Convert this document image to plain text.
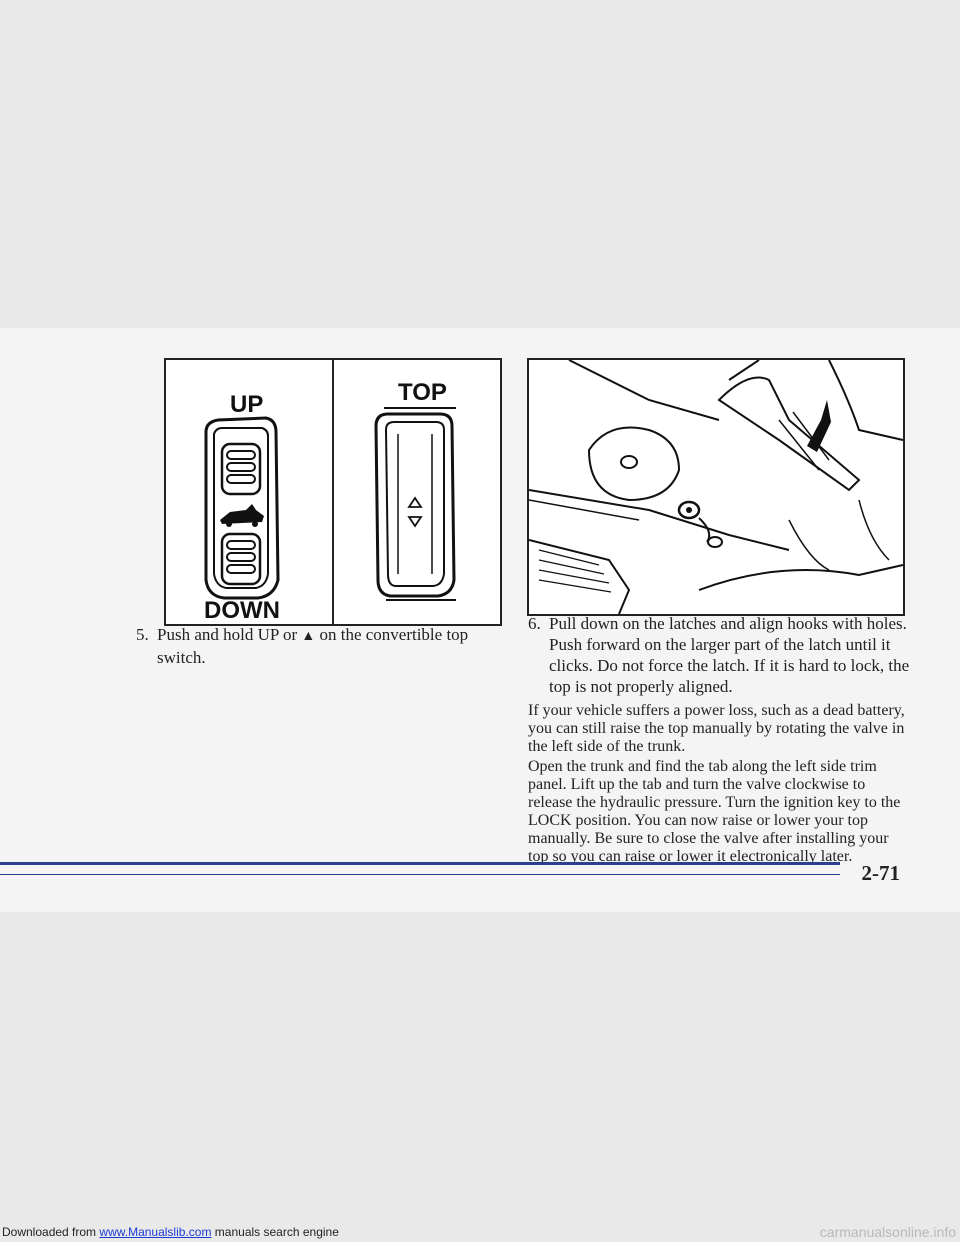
UP
DOWN
TOP
5. Push and hold UP or ▲ on the convertible top switch.
6. Pull down on the latches and align hooks with holes. Push forward on the larger part of the latch until it clicks. Do not force the latch. If it is hard to lock, the top is not properly aligned.

If your vehicle suffers a power loss, such as a dead battery, you can still raise the top manually by rotating the valve in the left side of the trunk.

Open the trunk and find the tab along the left side trim panel. Lift up the tab and turn the valve clockwise to release the hydraulic pressure. Turn the ignition key to the LOCK position. You can now raise or lower your top manually. Be sure to close the valve after installing your top so you can raise or lower it electronically later.

2-71
Downloaded from www.Manualslib.com manuals search engine	carmanualsonline.info
